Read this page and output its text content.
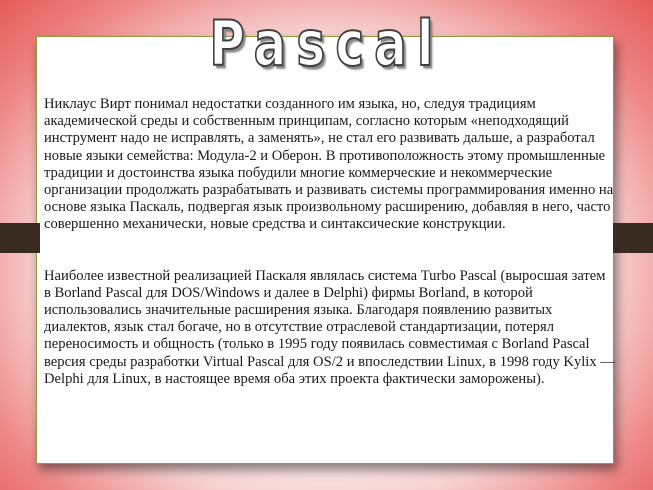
Pascal

Никлаус Вирт понимал недостатки созданного им языка, но, следуя традициям академической среды и собственным принципам, согласно которым «неподходящий инструмент надо не исправлять, а заменять», не стал его развивать дальше, а разработал новые языки семейства: Модула-2 и Оберон. В противоположность этому промышленные традиции и достоинства языка побудили многие коммерческие и некоммерческие организации продолжать разрабатывать и развивать системы программирования именно на основе языка Паскаль, подвергая язык произвольному расширению, добавляя в него, часто совершенно механически, новые средства и синтаксические конструкции.

Наиболее известной реализацией Паскаля являлась система Turbo Pascal (выросшая затем в Borland Pascal для DOS/Windows и далее в Delphi) фирмы Borland, в которой использовались значительные расширения языка. Благодаря появлению развитых диалектов, язык стал богаче, но в отсутствие отраслевой стандартизации, потерял переносимость и общность (только в 1995 году появилась совместимая с Borland Pascal версия среды разработки Virtual Pascal для OS/2 и впоследствии Linux, в 1998 году Kylix — Delphi для Linux, в настоящее время оба этих проекта фактически заморожены).
